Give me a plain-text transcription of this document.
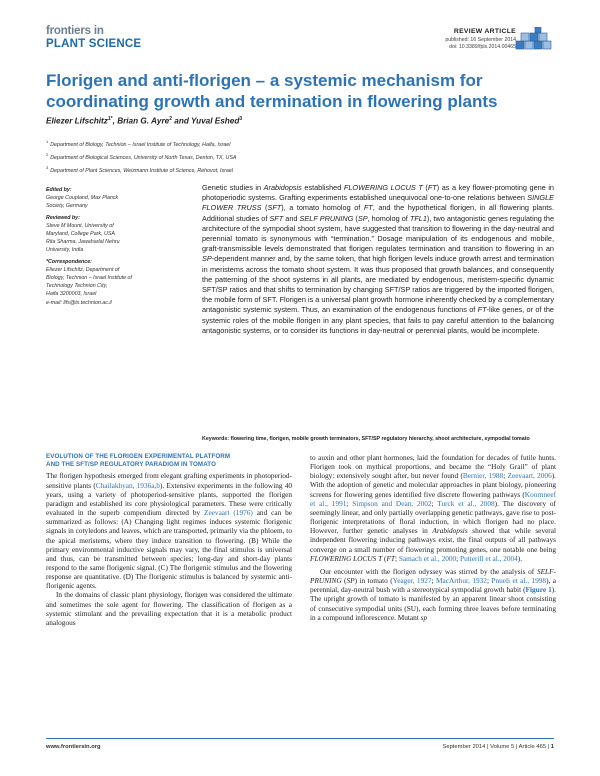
frontiers in
PLANT SCIENCE
REVIEW ARTICLE
published: 16 September 2014
doi: 10.3389/fpls.2014.00465
Florigen and anti-florigen – a systemic mechanism for coordinating growth and termination in flowering plants
Eliezer Lifschitz$^{1*}$, Brian G. Ayre$^2$ and Yuval Eshed$^3$
$^1$Department of Biology, Technion – Israel Institute of Technology, Haifa, Israel
$^2$Department of Biological Sciences, University of North Texas, Denton, TX, USA
$^3$Department of Plant Sciences, Weizmann Institute of Science, Rehovot, Israel
Edited by:
George Coupland, Max Planck
Society, Germany
Reviewed by:
Steve M Mount, University of
Maryland, College Park, USA
Rita Sharma, Jawaharlal Nehru
University, India
*Correspondence:
Eliezer Lifschitz, Department of
Biology, Technion – Israel Institute of
Technology Technion City,
Haifa 3200003, Israel
e-mail: lifs@tx.technion.ac.il
Genetic studies in Arabidopsis established FLOWERING LOCUS T (FT) as a key flower-promoting gene in photoperiodic systems. Grafting experiments established unequivocal one-to-one relations between SINGLE FLOWER TRUSS (SFT), a tomato homolog of FT, and the hypothetical florigen, in all flowering plants. Additional studies of SFT and SELF PRUNING (SP, homolog of TFL1), two antagonistic genes regulating the architecture of the sympodial shoot system, have suggested that transition to flowering in the day-neutral and perennial tomato is synonymous with “termination.” Dosage manipulation of its endogenous and mobile, graft-transmissible levels demonstrated that florigen regulates termination and transition to flowering in an SP-dependent manner and, by the same token, that high florigen levels induce growth arrest and termination in meristems across the tomato shoot system. It was thus proposed that growth balances, and consequently the patterning of the shoot systems in all plants, are mediated by endogenous, meristem-specific dynamic SFT/SP ratios and that shifts to termination by changing SFT/SP ratios are triggered by the imported florigen, the mobile form of SFT. Florigen is a universal plant growth hormone inherently checked by a complementary antagonistic systemic system. Thus, an examination of the endogenous functions of FT-like genes, or of the systemic roles of the mobile florigen in any plant species, that fails to pay careful attention to the balancing antagonistic systems, or to consider its functions in day-neutral or perennial plants, would be incomplete.
Keywords: flowering time, florigen, mobile growth terminators, SFT/SP regulatory hierarchy, shoot architecture, sympodial tomato
EVOLUTION OF THE FLORIGEN EXPERIMENTAL PLATFORM
AND THE SFT/SP REGULATORY PARADIGM IN TOMATO

The florigen hypothesis emerged from elegant grafting experiments in photoperiod-sensitive plants (Chailakhyan, 1936a,b). Extensive experiments in the following 40 years, using a variety of photoperiod-sensitive plants, supported the florigen paradigm and established its core physiological parameters. These were critically evaluated in the superb compendium directed by Zeevaart (1976) and can be summarized as follows: (A) Changing light regimes induces systemic florigenic signals in cotyledons and leaves, which are transported, primarily via the phloem, to the apical meristems, where they induce transition to flowering. (B) While the primary environmental inductive signals may vary, the final stimulus is universal and thus, can be transmitted between species; long-day and short-day plants respond to the same florigenic signal. (C) The florigenic stimulus and the flowering response are quantitative. (D) The florigenic stimulus is balanced by systemic anti-florigenic agents.

In the domains of classic plant physiology, florigen was considered the ultimate and sometimes the sole agent for flowering. The classification of florigen as a systemic stimulant and the prevailing expectation that it is a metabolic product analogous

to auxin and other plant hormones, laid the foundation for decades of futile hunts. Florigen took on mythical proportions, and became the “Holy Grail” of plant biology: extensively sought after, but never found (Bernier, 1988; Zeevaart, 2006). With the adoption of genetic and molecular approaches in plant biology, pioneering screens for flowering genes identified five discrete flowering pathways (Koornneef et al., 1991; Simpson and Dean, 2002; Turck et al., 2008). The discovery of seemingly linear, and only partially overlapping genetic pathways, gave rise to post-florigenic interpretations of floral induction, in which florigen had no place. However, further genetic analyses in Arabidopsis showed that while several independent flowering inducing pathways exist, the final outputs of all pathways converge on a small number of flowering promoting genes, one notable one being FLOWERING LOCUS T (FT; Samach et al., 2000; Putterill et al., 2004).

Our encounter with the florigen odyssey was stirred by the analysis of SELF-PRUNING (SP) in tomato (Yeager, 1927; MacArthur, 1932; Pnueli et al., 1998), a perennial, day-neutral bush with a stereotypical sympodial growth habit (Figure 1). The upright growth of tomato is manifested by an apparent linear shoot consisting of consecutive sympodial units (SU), each forming three leaves before terminating in a compound inflorescence. Mutant sp

www.frontiersin.org	September 2014 | Volume 5 | Article 465 | 1
